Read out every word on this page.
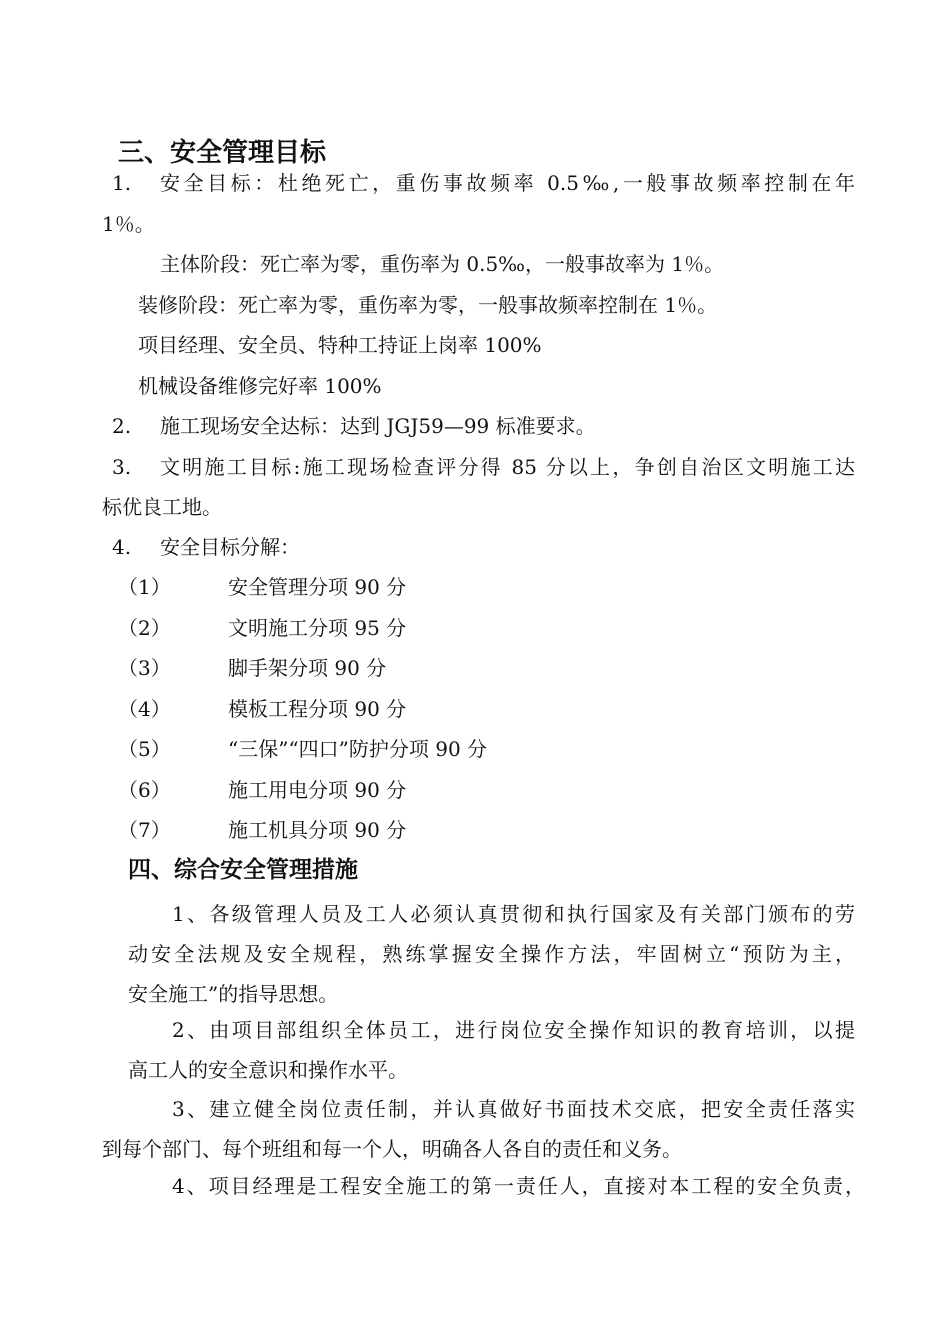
三、安全管理目标
1. 安全目标：杜绝死亡，重伤事故频率 0.5‰,一般事故频率控制在年
1％。
主体阶段：死亡率为零，重伤率为 0.5‰，一般事故率为 1％。
装修阶段：死亡率为零，重伤率为零，一般事故频率控制在 1％。
项目经理、安全员、特种工持证上岗率 100%
机械设备维修完好率 100%
2. 施工现场安全达标：达到 JGJ59—99 标准要求。
3. 文明施工目标:施工现场检查评分得 85 分以上，争创自治区文明施工达
标优良工地。
4. 安全目标分解：
（1）	安全管理分项 90 分
（2）	文明施工分项 95 分
（3）	脚手架分项 90 分
（4）	模板工程分项 90 分
（5）	“三保”“四口”防护分项 90 分
（6）	施工用电分项 90 分
（7）	施工机具分项 90 分
四、综合安全管理措施
1、各级管理人员及工人必须认真贯彻和执行国家及有关部门颁布的劳
动安全法规及安全规程，熟练掌握安全操作方法，牢固树立“预防为主，
安全施工”的指导思想。
2、由项目部组织全体员工，进行岗位安全操作知识的教育培训，以提
高工人的安全意识和操作水平。
3、建立健全岗位责任制，并认真做好书面技术交底，把安全责任落实
到每个部门、每个班组和每一个人，明确各人各自的责任和义务。
4、项目经理是工程安全施工的第一责任人，直接对本工程的安全负责，
